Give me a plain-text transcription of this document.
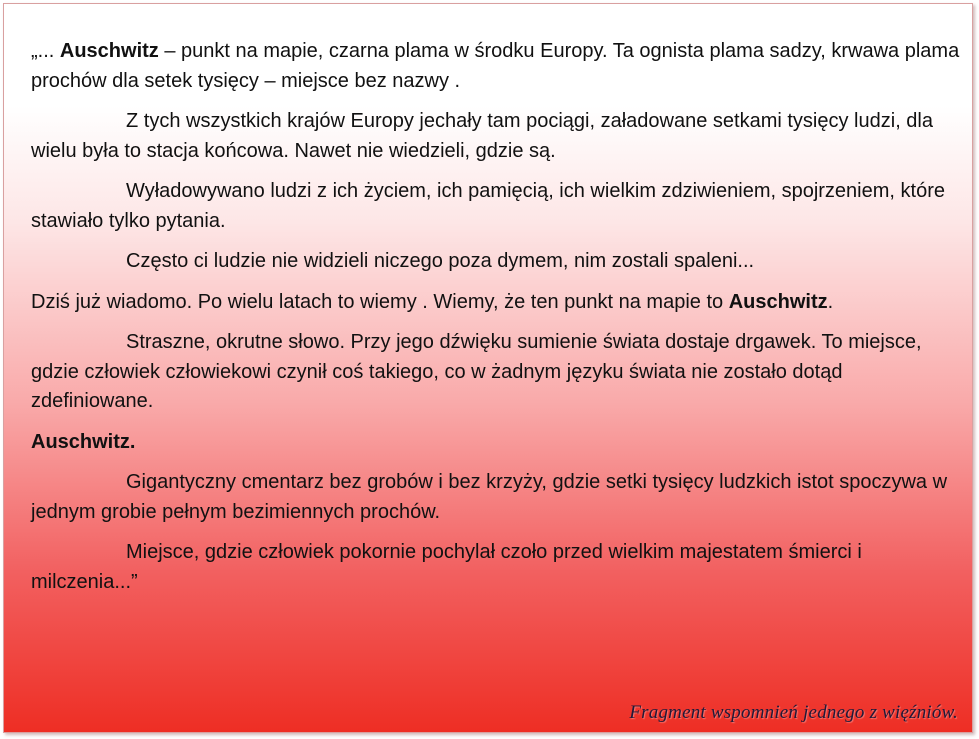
„... Auschwitz – punkt na mapie, czarna plama w środku Europy. Ta ognista plama sadzy, krwawa plama prochów dla setek tysięcy – miejsce bez nazwy .

Z tych wszystkich krajów Europy jechały tam pociągi, załadowane setkami tysięcy ludzi, dla wielu była to stacja końcowa. Nawet nie wiedzieli, gdzie są.

Wyładowywano ludzi z ich życiem, ich pamięcią, ich wielkim zdziwieniem, spojrzeniem, które stawiało tylko pytania.

Często ci ludzie nie widzieli niczego poza dymem, nim zostali spaleni...

Dziś już wiadomo. Po wielu latach to wiemy . Wiemy, że ten punkt na mapie to Auschwitz.

Straszne, okrutne słowo. Przy jego dźwięku sumienie świata dostaje drgawek. To miejsce, gdzie człowiek człowiekowi czynił coś takiego, co w żadnym języku świata nie zostało dotąd zdefiniowane.

Auschwitz.

Gigantyczny cmentarz bez grobów i bez krzyży, gdzie setki tysięcy ludzkich istot spoczywa w jednym grobie pełnym bezimiennych prochów.

Miejsce, gdzie człowiek pokornie pochylał czoło przed wielkim majestatem śmierci i milczenia...”

Fragment wspomnień jednego z więźniów.
